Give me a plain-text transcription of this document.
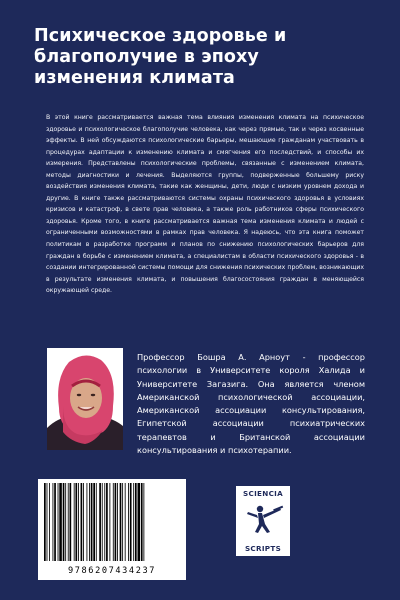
Психическое здоровье и благополучие в эпоху изменения климата

В этой книге рассматривается важная тема влияния изменения климата на психическое здоровье и психологическое благополучие человека, как через прямые, так и через косвенные эффекты. В ней обсуждаются психологические барьеры, мешающие гражданам участвовать в процедурах адаптации к изменению климата и смягчения его последствий, и способы их измерения. Представлены психологические проблемы, связанные с изменением климата, методы диагностики и лечения. Выделяются группы, подверженные большему риску воздействия изменения климата, такие как женщины, дети, люди с низким уровнем дохода и другие. В книге также рассматриваются системы охраны психического здоровья в условиях кризисов и катастроф, в свете прав человека, а также роль работников сферы психического здоровья. Кроме того, в книге рассматривается важная тема изменения климата и людей с ограниченными возможностями в рамках прав человека. Я надеюсь, что эта книга поможет политикам в разработке программ и планов по снижению психологических барьеров для граждан в борьбе с изменением климата, а специалистам в области психического здоровья - в создании интегрированной системы помощи для снижения психических проблем, возникающих в результате изменения климата, и повышения благосостояния граждан в меняющейся окружающей среде.

Профессор Бошра А. Арноут - профессор психологии в Университете короля Халида и Университете Загазига. Она является членом Американской психологической ассоциации, Американской ассоциации консультирования, Египетской ассоциации психиатрических терапевтов и Британской ассоциации консультирования и психотерапии.

9786207434237
SCIENCIA
SCRIPTS
